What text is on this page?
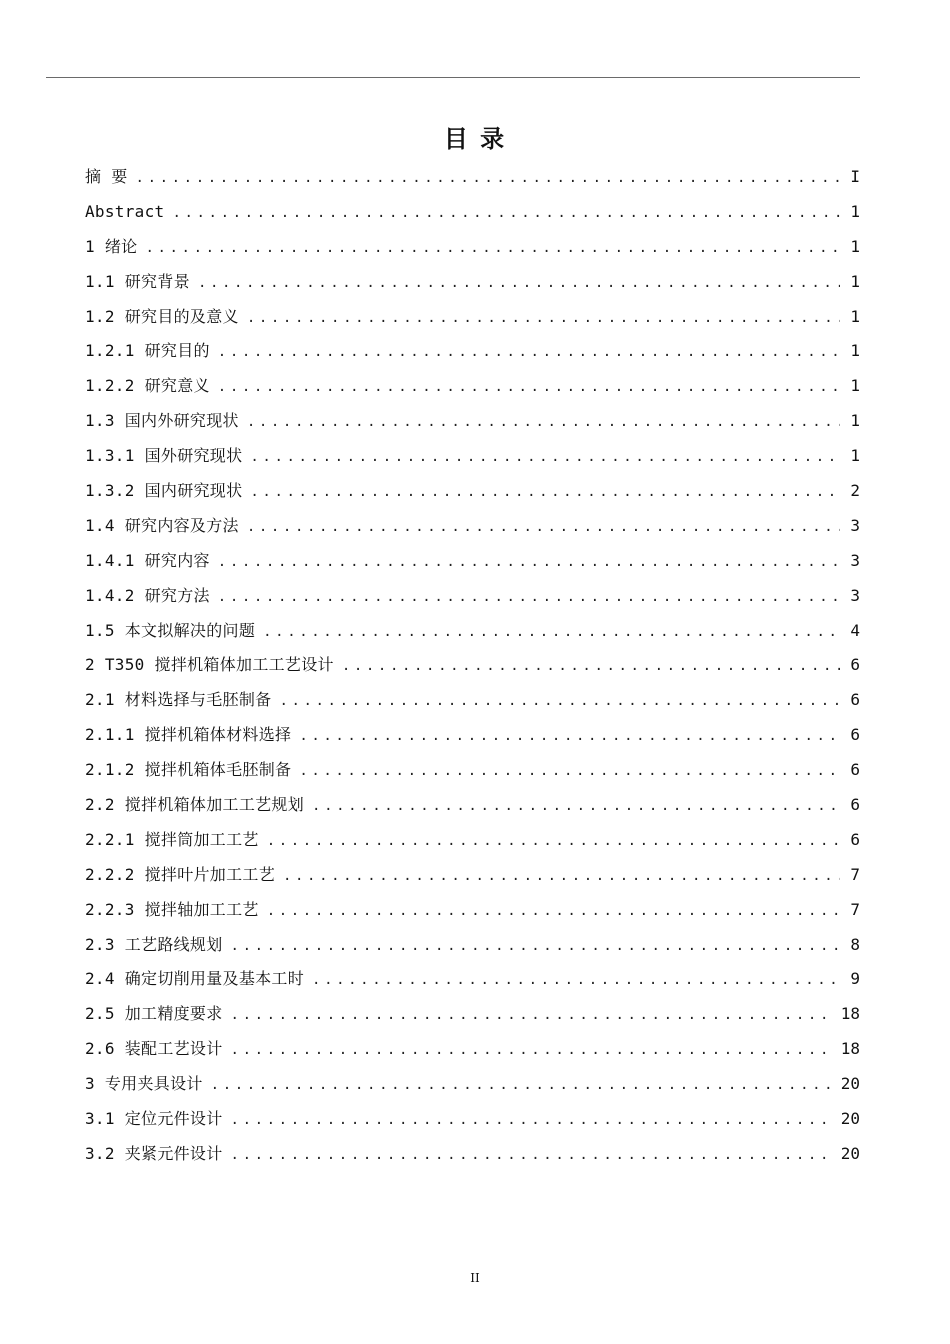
目 录
摘 要 .....	I
Abstract .....	1
1 绪论 .....	1
1.1 研究背景 .....	1
1.2 研究目的及意义 .....	1
1.2.1 研究目的 .....	1
1.2.2 研究意义 .....	1
1.3 国内外研究现状 .....	1
1.3.1 国外研究现状 .....	1
1.3.2 国内研究现状 .....	2
1.4 研究内容及方法 .....	3
1.4.1 研究内容 .....	3
1.4.2 研究方法 .....	3
1.5 本文拟解决的问题 .....	4
2 T350 搅拌机箱体加工工艺设计 .....	6
2.1 材料选择与毛胚制备 .....	6
2.1.1 搅拌机箱体材料选择 .....	6
2.1.2 搅拌机箱体毛胚制备 .....	6
2.2 搅拌机箱体加工工艺规划 .....	6
2.2.1 搅拌筒加工工艺 .....	6
2.2.2 搅拌叶片加工工艺 .....	7
2.2.3 搅拌轴加工工艺 .....	7
2.3 工艺路线规划 .....	8
2.4 确定切削用量及基本工时 .....	9
2.5 加工精度要求 .....	18
2.6 装配工艺设计 .....	18
3 专用夹具设计 .....	20
3.1 定位元件设计 .....	20
3.2 夹紧元件设计 .....	20
II
